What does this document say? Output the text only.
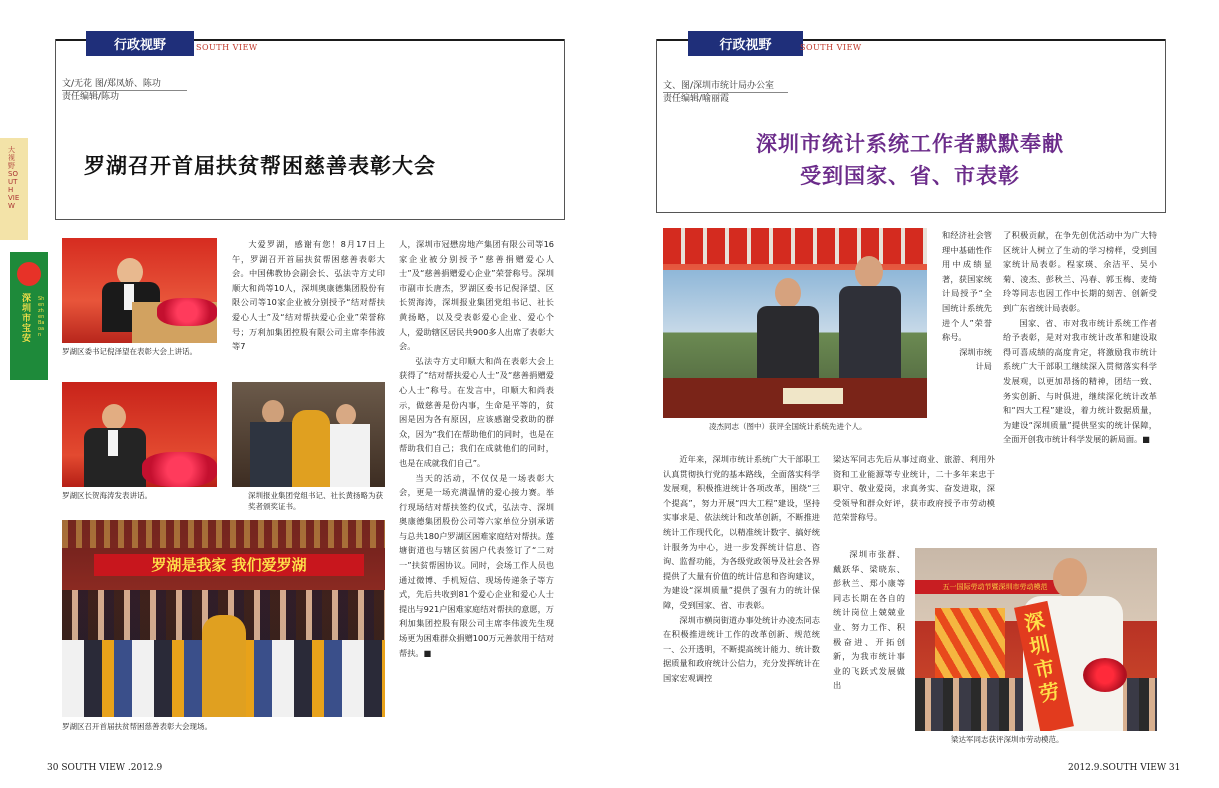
行政视野	SOUTH VIEW
文/无花 图/郑凤娇、陈功
责任编辑/陈功
罗湖召开首届扶贫帮困慈善表彰大会
罗湖区委书记倪泽望在表彰大会上讲话。
罗湖区长贺海涛发表讲话。	深圳报业集团党组书记、社长黄扬略为获奖者颁奖证书。
罗湖是我家 我们爱罗湖
罗湖区召开首届扶贫帮困慈善表彰大会现场。

大爱罗湖，感谢有您！8月17日上午，罗湖召开首届扶贫帮困慈善表彰大会。中国佛教协会副会长、弘法寺方丈印顺大和尚等10人，深圳奥康德集团股份有限公司等10家企业被分别授予“结对帮扶爱心人士”及“结对帮扶爱心企业”荣誉称号；万利加集团控股有限公司主席李伟波等7

人，深圳市冠懋房地产集团有限公司等16家企业被分别授予“慈善捐赠爱心人士”及“慈善捐赠爱心企业”荣誉称号。深圳市副市长唐杰，罗湖区委书记倪泽望、区长贺海涛，深圳报业集团党组书记、社长黄扬略，以及受表彰爱心企业、爱心个人，爱助辖区居民共900多人出席了表彰大会。

弘法寺方丈印顺大和尚在表彰大会上获得了“结对帮扶爱心人士”及“慈善捐赠爱心人士”称号。在发言中，印顺大和尚表示，做慈善是份内事，生命是平等的，贫困是因为各有原因，应该感谢受救助的群众，因为“我们在帮助他们的同时，也是在帮助我们自己；我们在成就他们的同时，也是在成就我们自己”。

当天的活动，不仅仅是一场表彰大会，更是一场充满温情的爱心接力赛。举行现场结对帮扶签约仪式，弘法寺、深圳奥康德集团股份公司等六家单位分别承诺与总共180户罗湖区困难家庭结对帮扶。莲塘街道也与辖区贫困户代表签订了“二对一”扶贫帮困协议。同时，会场工作人员也通过微博、手机短信、现场传递条子等方式，先后共收到81个爱心企业和爱心人士提出与921户困难家庭结对帮扶的意愿，万利加集团控股有限公司主席李伟波先生现场更为困难群众捐赠100万元善款用于结对帮扶。■

30 SOUTH VIEW .2012.9
大视野 SOUTH VIEW
深圳市宝安
Shenzhen Baoan
行政视野	SOUTH VIEW
文、图/深圳市统计局办公室
责任编辑/喻丽霞
深圳市统计系统工作者默默奉献
受到国家、省、市表彰
凌杰同志（图中）获评全国统计系统先进个人。

和经济社会管理中基础性作用中成绩显著，获国家统计局授予“全国统计系统先进个人”荣誉称号。

深圳市统计局

了积极贡献，在争先创优活动中为广大特区统计人树立了生动的学习榜样，受到国家统计局表彰。程家瑛、余洁平、吴小菊、凌杰、彭秋兰、冯春、郭玉梅、麦绮玲等同志也因工作中长期的刻苦、创新受到广东省统计局表彰。

国家、省、市对我市统计系统工作者给予表彰，是对对我市统计改革和建设取得可喜成绩的高度肯定，将激励我市统计系统广大干部职工继续深入贯彻落实科学发展观，以更加昂扬的精神，团结一致、务实创新、与时俱进，继续深化统计改革和“四大工程”建设，着力统计数据质量，为建设“深圳质量”提供坚实的统计保障，全面开创我市统计科学发展的新局面。■

近年来，深圳市统计系统广大干部职工认真贯彻执行党的基本路线，全面落实科学发展观，积极推进统计各项改革，围绕“三个提高”，努力开展“四大工程”建设，坚持实事求是、依法统计和改革创新，不断推进统计工作现代化，以精准统计数字、搞好统计服务为中心，进一步发挥统计信息、咨询、监督功能，为各级党政领导及社会各界提供了大量有价值的统计信息和咨询建议，为建设“深圳质量”提供了强有力的统计保障，受到国家、省、市表彰。

深圳市横岗街道办事处统计办凌杰同志在积极推进统计工作的改革创新、规范统一、公开透明，不断提高统计能力、统计数据质量和政府统计公信力，充分发挥统计在国家宏观调控

梁达军同志先后从事过商业、旅游、利用外资和工业能源等专业统计，二十多年来忠于职守、敬业爱岗，求真务实、奋发进取，深受领导和群众好评，获市政府授予市劳动模范荣誉称号。

深圳市张群、戴跃华、梁晓东、彭秋兰、郑小康等同志长期在各自的统计岗位上兢兢业业、努力工作、积极奋进、开拓创新，为我市统计事业的飞跃式发展做出

五一国际劳动节暨深圳市劳动模范
深圳市劳
梁达军同志获评深圳市劳动模范。
2012.9.SOUTH VIEW 31
